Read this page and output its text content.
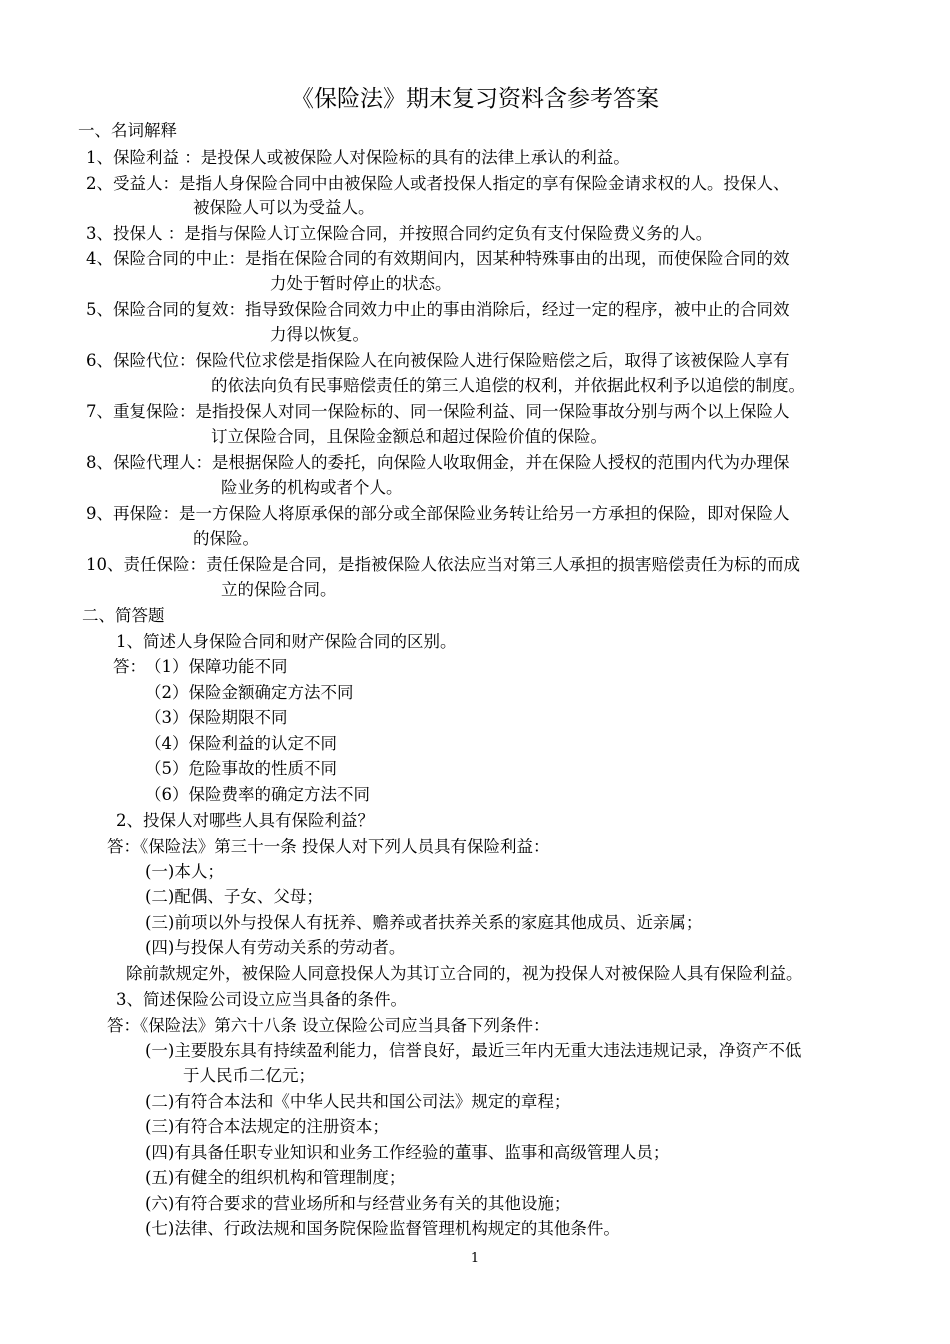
《保险法》期末复习资料含参考答案
一、名词解释
1、保险利益 ：是投保人或被保险人对保险标的具有的法律上承认的利益。
2、受益人：是指人身保险合同中由被保险人或者投保人指定的享有保险金请求权的人。投保人、
被保险人可以为受益人。
3、投保人 ：是指与保险人订立保险合同，并按照合同约定负有支付保险费义务的人。
4、保险合同的中止：是指在保险合同的有效期间内，因某种特殊事由的出现，而使保险合同的效
力处于暂时停止的状态。
5、保险合同的复效：指导致保险合同效力中止的事由消除后，经过一定的程序，被中止的合同效
力得以恢复。
6、保险代位：保险代位求偿是指保险人在向被保险人进行保险赔偿之后，取得了该被保险人享有
的依法向负有民事赔偿责任的第三人追偿的权利，并依据此权利予以追偿的制度。
7、重复保险：是指投保人对同一保险标的、同一保险利益、同一保险事故分别与两个以上保险人
订立保险合同，且保险金额总和超过保险价值的保险。
8、保险代理人：是根据保险人的委托，向保险人收取佣金，并在保险人授权的范围内代为办理保
险业务的机构或者个人。
9、再保险：是一方保险人将原承保的部分或全部保险业务转让给另一方承担的保险，即对保险人
的保险。
10、责任保险：责任保险是合同，是指被保险人依法应当对第三人承担的损害赔偿责任为标的而成
立的保险合同。
二、简答题
1、简述人身保险合同和财产保险合同的区别。
答： （1）保障功能不同
（2）保险金额确定方法不同
（3）保险期限不同
（4）保险利益的认定不同
（5）危险事故的性质不同
（6）保险费率的确定方法不同
2、投保人对哪些人具有保险利益？
答：《保险法》第三十一条 投保人对下列人员具有保险利益：
(一)本人；
(二)配偶、子女、父母；
(三)前项以外与投保人有抚养、赡养或者扶养关系的家庭其他成员、近亲属；
(四)与投保人有劳动关系的劳动者。
除前款规定外，被保险人同意投保人为其订立合同的，视为投保人对被保险人具有保险利益。
3、简述保险公司设立应当具备的条件。
答：《保险法》第六十八条 设立保险公司应当具备下列条件：
(一)主要股东具有持续盈利能力，信誉良好，最近三年内无重大违法违规记录，净资产不低
于人民币二亿元；
(二)有符合本法和《中华人民共和国公司法》规定的章程；
(三)有符合本法规定的注册资本；
(四)有具备任职专业知识和业务工作经验的董事、监事和高级管理人员；
(五)有健全的组织机构和管理制度；
(六)有符合要求的营业场所和与经营业务有关的其他设施；
(七)法律、行政法规和国务院保险监督管理机构规定的其他条件。
1
